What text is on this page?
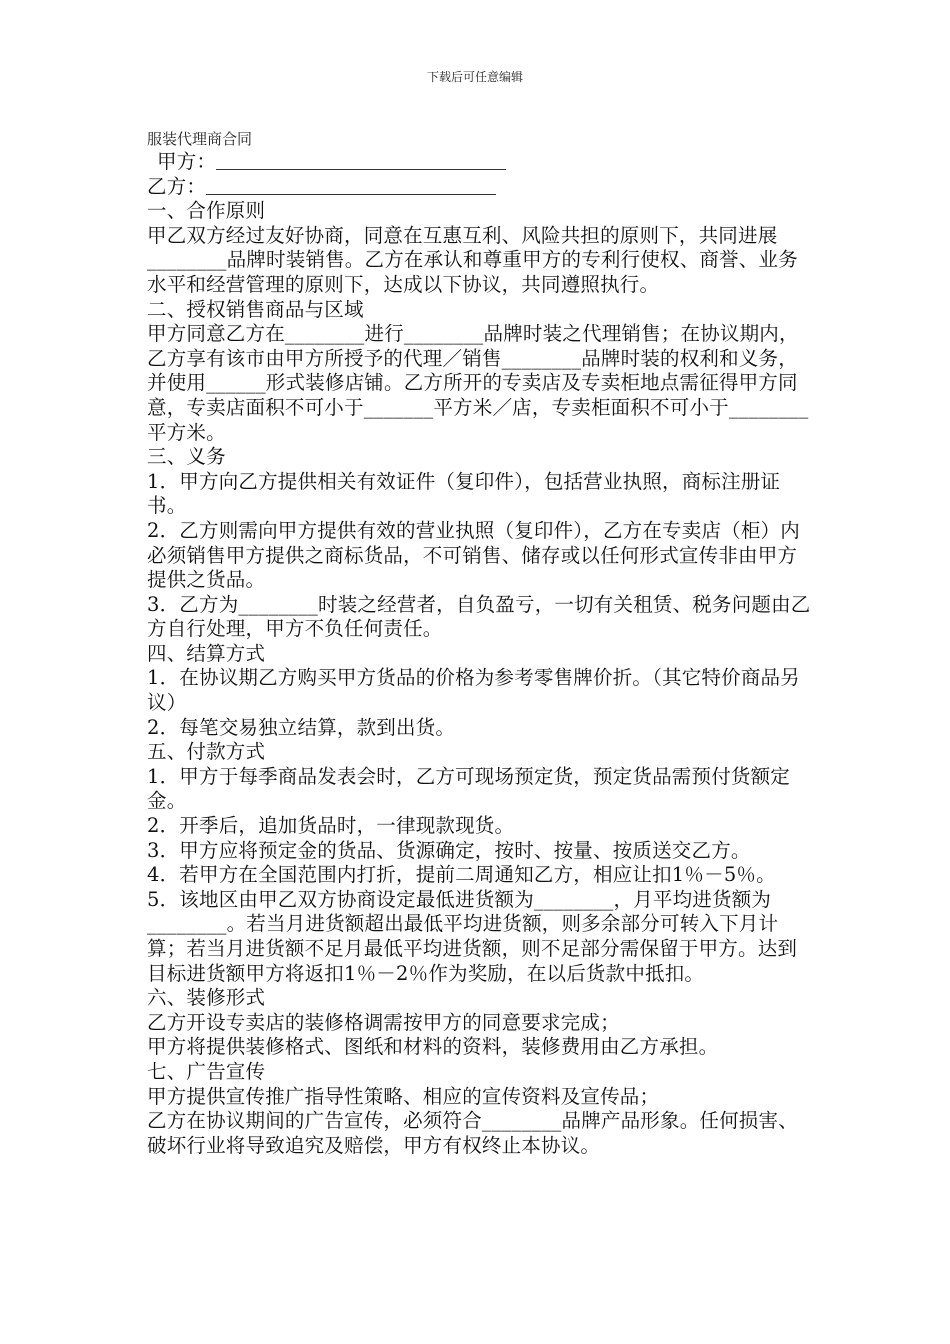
下载后可任意编辑
服装代理商合同

甲方：

乙方：

一、合作原则

甲乙双方经过友好协商，同意在互惠互利、风险共担的原则下，共同进展________品牌时装销售。乙方在承认和尊重甲方的专利行使权、商誉、业务水平和经营管理的原则下，达成以下协议，共同遵照执行。

二、授权销售商品与区域

甲方同意乙方在________进行________品牌时装之代理销售；在协议期内，乙方享有该市由甲方所授予的代理／销售________品牌时装的权利和义务，并使用______形式装修店铺。乙方所开的专卖店及专卖柜地点需征得甲方同意，专卖店面积不可小于_______平方米／店，专卖柜面积不可小于________平方米。

三、义务

1．甲方向乙方提供相关有效证件（复印件），包括营业执照，商标注册证书。

2．乙方则需向甲方提供有效的营业执照（复印件），乙方在专卖店（柜）内必须销售甲方提供之商标货品，不可销售、储存或以任何形式宣传非由甲方提供之货品。

3．乙方为________时装之经营者，自负盈亏，一切有关租赁、税务问题由乙方自行处理，甲方不负任何责任。

四、结算方式

1．在协议期乙方购买甲方货品的价格为参考零售牌价折。（其它特价商品另议）

2．每笔交易独立结算，款到出货。

五、付款方式

1．甲方于每季商品发表会时，乙方可现场预定货，预定货品需预付货额定金。

2．开季后，追加货品时，一律现款现货。

3．甲方应将预定金的货品、货源确定，按时、按量、按质送交乙方。

4．若甲方在全国范围内打折，提前二周通知乙方，相应让扣1％－5％。

5．该地区由甲乙双方协商设定最低进货额为________，月平均进货额为________。若当月进货额超出最低平均进货额，则多余部分可转入下月计算；若当月进货额不足月最低平均进货额，则不足部分需保留于甲方。达到目标进货额甲方将返扣1％－2％作为奖励，在以后货款中抵扣。

六、装修形式

乙方开设专卖店的装修格调需按甲方的同意要求完成；

甲方将提供装修格式、图纸和材料的资料，装修费用由乙方承担。

七、广告宣传

甲方提供宣传推广指导性策略、相应的宣传资料及宣传品；

乙方在协议期间的广告宣传，必须符合________品牌产品形象。任何损害、破坏行业将导致追究及赔偿，甲方有权终止本协议。
